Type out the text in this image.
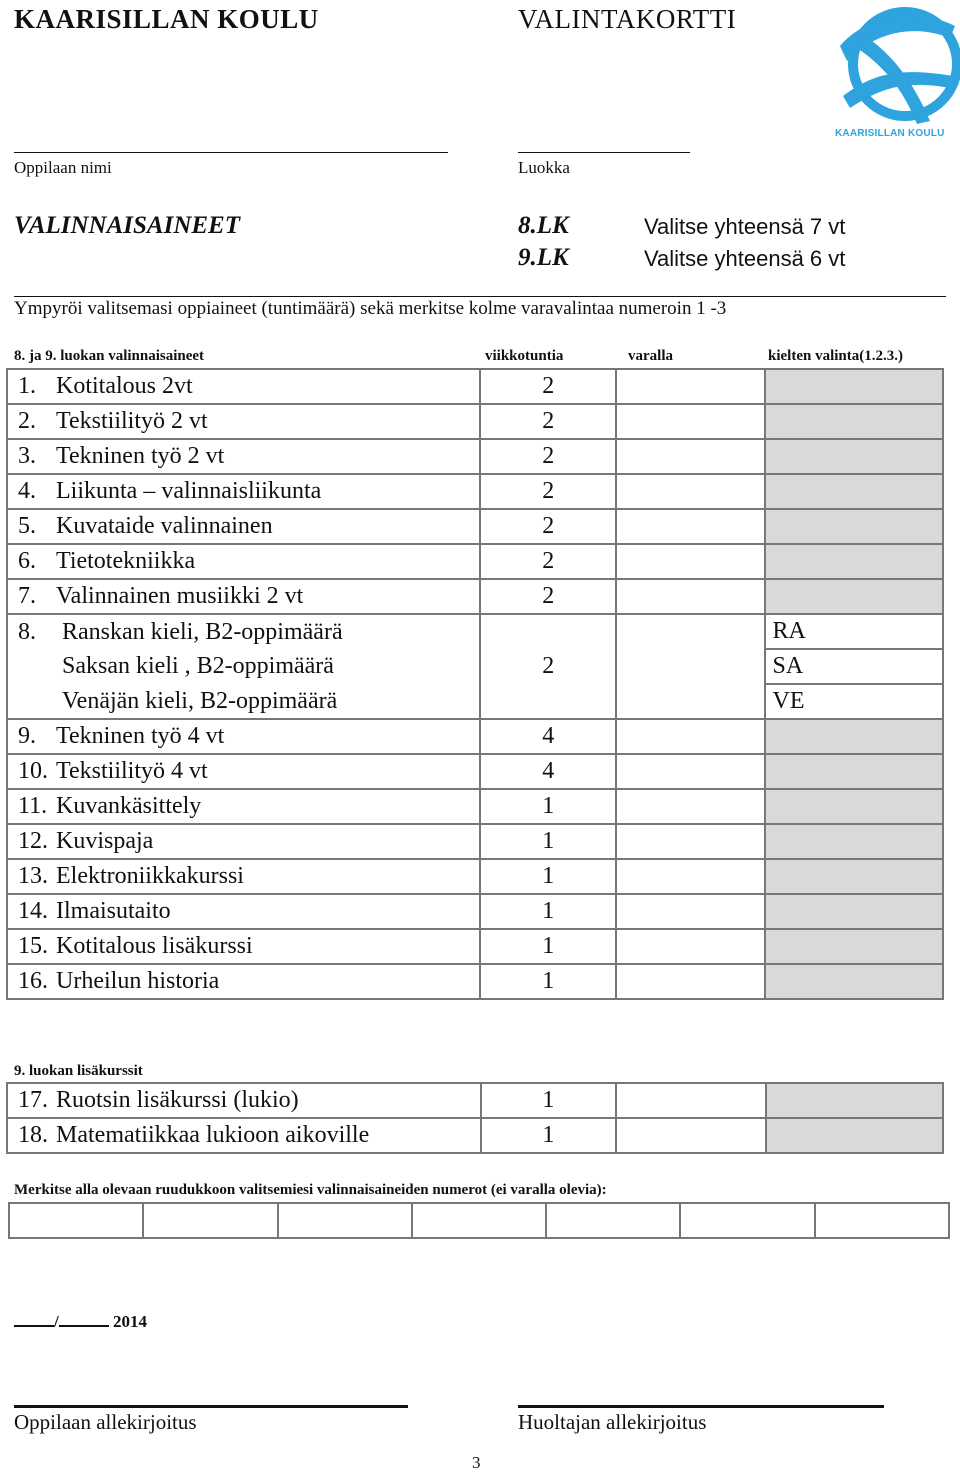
KAARISILLAN KOULU	VALINTAKORTTI
KAARISILLAN KOULU
Oppilaan nimi	Luokka
VALINNAISAINEET	8.LK	Valitse yhteensä 7 vt
9.LK	Valitse yhteensä 6 vt
Ympyröi valitsemasi oppiaineet (tuntimäärä) sekä merkitse kolme varavalintaa numeroin 1 -3
8. ja 9. luokan valinnaisaineet	viikkotuntia	varalla	kielten valinta(1.2.3.)
1. Kotitalous 2vt	2		
2. Tekstiilityö 2 vt	2		
3. Tekninen työ 2 vt	2		
4. Liikunta – valinnaisliikunta	2		
5. Kuvataide valinnainen	2		
6. Tietotekniikka	2		
7. Valinnainen musiikki 2 vt	2		
8. Ranskan kieli, B2-oppimäärä			RA
Saksan kieli , B2-oppimäärä	2		SA
Venäjän kieli, B2-oppimäärä			VE
9. Tekninen työ 4 vt	4		
10. Tekstiilityö 4 vt	4		
11. Kuvankäsittely	1		
12. Kuvispaja	1		
13. Elektroniikkakurssi	1		
14. Ilmaisutaito	1		
15. Kotitalous lisäkurssi	1		
16. Urheilun historia	1		
9. luokan lisäkurssit
17. Ruotsin lisäkurssi (lukio)	1		
18. Matematiikkaa lukioon aikoville	1		
Merkitse alla olevaan ruudukkoon valitsemiesi valinnaisaineiden numerot (ei varalla olevia):

/	2014
Oppilaan allekirjoitus	Huoltajan allekirjoitus
3
